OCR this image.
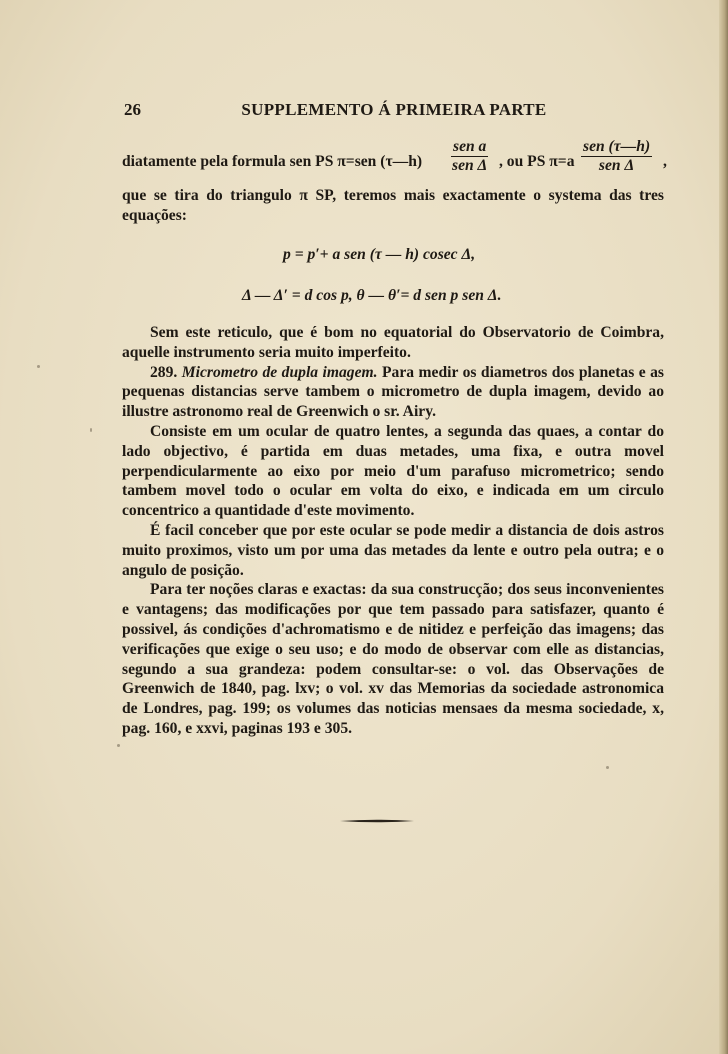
26	SUPPLEMENTO Á PRIMEIRA PARTE
diatamente pela formula sen PS π=sen (τ—h)
sen a
sen Δ , ou PS π=a
sen (τ—h)
sen Δ	,
que se tira do triangulo π SP, teremos mais exactamente o systema das tres equações:
p = p′+ a sen (τ — h) cosec Δ,
Δ — Δ′ = d cos p, θ — θ′= d sen p sen Δ.
Sem este reticulo, que é bom no equatorial do Observatorio de Coimbra, aquelle instrumento seria muito imperfeito.
289. Micrometro de dupla imagem. Para medir os diametros dos planetas e as pequenas distancias serve tambem o micrometro de dupla imagem, devido ao illustre astronomo real de Greenwich o sr. Airy.
Consiste em um ocular de quatro lentes, a segunda das quaes, a contar do lado objectivo, é partida em duas metades, uma fixa, e outra movel perpendicularmente ao eixo por meio d'um parafuso micrometrico; sendo tambem movel todo o ocular em volta do eixo, e indicada em um circulo concentrico a quantidade d'este movimento.
É facil conceber que por este ocular se pode medir a distancia de dois astros muito proximos, visto um por uma das metades da lente e outro pela outra; e o angulo de posição.
Para ter noções claras e exactas: da sua construcção; dos seus inconvenientes e vantagens; das modificações por que tem passado para satisfazer, quanto é possivel, ás condições d'achromatismo e de nitidez e perfeição das imagens; das verificações que exige o seu uso; e do modo de observar com elle as distancias, segundo a sua grandeza: podem consultar-se: o vol. das Observações de Greenwich de 1840, pag. lxv; o vol. xv das Memorias da sociedade astronomica de Londres, pag. 199; os volumes das noticias mensaes da mesma sociedade, x, pag. 160, e xxvi, paginas 193 e 305.
